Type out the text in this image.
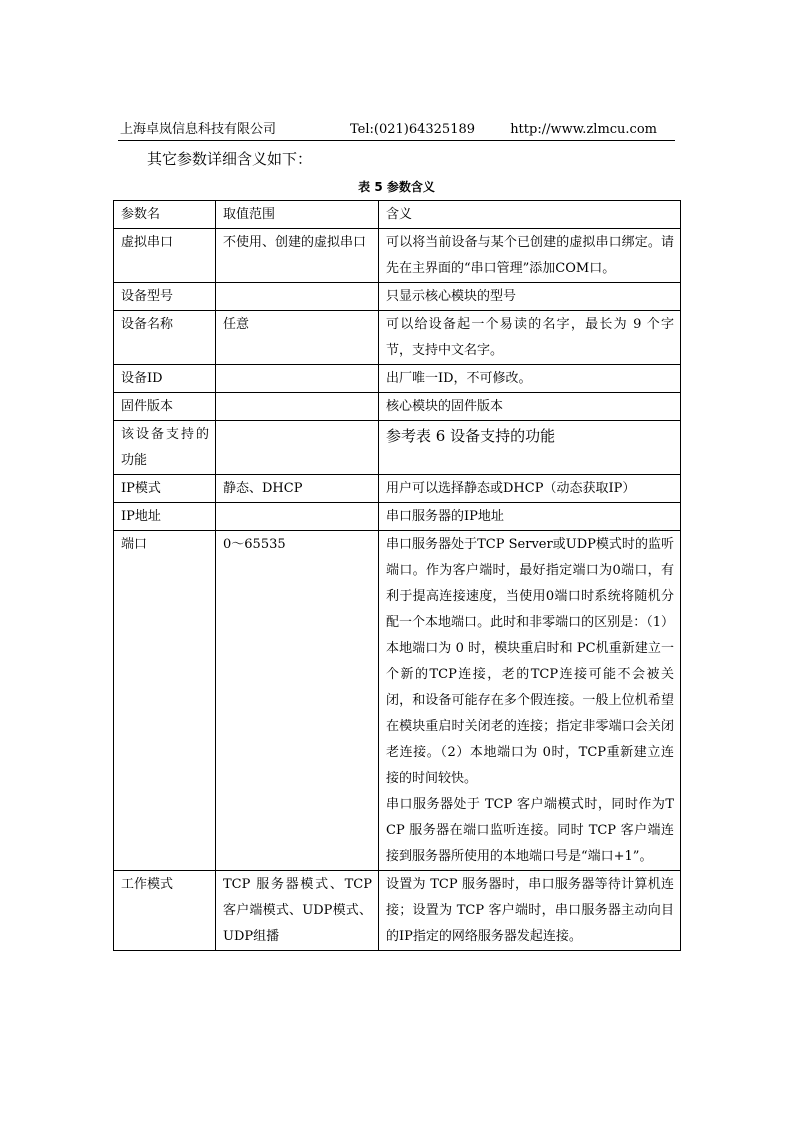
上海卓岚信息科技有限公司	Tel:(021)64325189	http://www.zlmcu.com
其它参数详细含义如下：
表 5 参数含义
参数名	取值范围	含义
虚拟串口	不使用、创建的虚拟串口	可以将当前设备与某个已创建的虚拟串口绑定。请先在主界面的“串口管理”添加COM口。
设备型号		只显示核心模块的型号
设备名称	任意	可以给设备起一个易读的名字，最长为 9 个字节，支持中文名字。
设备ID		出厂唯一ID，不可修改。
固件版本		核心模块的固件版本
该设备支持的功能		参考表 6 设备支持的功能
IP模式	静态、DHCP	用户可以选择静态或DHCP（动态获取IP）
IP地址		串口服务器的IP地址
端口	0～65535	串口服务器处于TCP Server或UDP模式时的监听端口。作为客户端时，最好指定端口为0端口，有利于提高连接速度，当使用0端口时系统将随机分配一个本地端口。此时和非零端口的区别是：（1）本地端口为 0 时，模块重启时和 PC机重新建立一个新的TCP连接，老的TCP连接可能不会被关闭，和设备可能存在多个假连接。一般上位机希望在模块重启时关闭老的连接；指定非零端口会关闭老连接。（2）本地端口为 0时，TCP重新建立连接的时间较快。
串口服务器处于 TCP 客户端模式时，同时作为TCP 服务器在端口监听连接。同时 TCP 客户端连接到服务器所使用的本地端口号是“端口+1”。

工作模式	TCP 服务器模式、TCP客户端模式、UDP模式、UDP组播	设置为 TCP 服务器时，串口服务器等待计算机连接；设置为 TCP 客户端时，串口服务器主动向目的IP指定的网络服务器发起连接。
